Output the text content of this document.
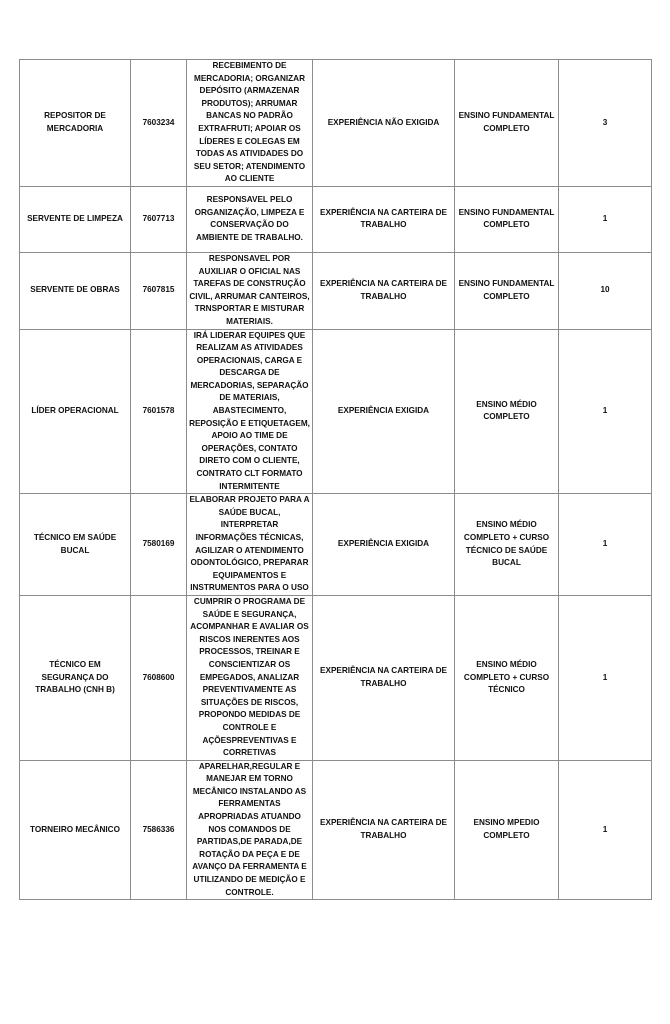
REPOSITOR DE MERCADORIA	7603234	RECEBIMENTO DE MERCADORIA; ORGANIZAR DEPÓSITO (ARMAZENAR PRODUTOS); ARRUMAR BANCAS NO PADRÃO EXTRAFRUTI; APOIAR OS LÍDERES E COLEGAS EM TODAS AS ATIVIDADES DO SEU SETOR; ATENDIMENTO AO CLIENTE	EXPERIÊNCIA NÃO EXIGIDA	ENSINO FUNDAMENTAL COMPLETO	3
SERVENTE DE LIMPEZA	7607713	RESPONSAVEL PELO ORGANIZAÇÃO, LIMPEZA E CONSERVAÇÃO DO AMBIENTE DE TRABALHO.	EXPERIÊNCIA NA CARTEIRA DE TRABALHO	ENSINO FUNDAMENTAL COMPLETO	1
SERVENTE DE OBRAS	7607815	RESPONSAVEL POR AUXILIAR O OFICIAL NAS TAREFAS DE CONSTRUÇÃO CIVIL, ARRUMAR CANTEIROS, TRNSPORTAR E MISTURAR MATERIAIS.	EXPERIÊNCIA NA CARTEIRA DE TRABALHO	ENSINO FUNDAMENTAL COMPLETO	10
LÍDER OPERACIONAL	7601578	IRÁ LIDERAR EQUIPES QUE REALIZAM AS ATIVIDADES OPERACIONAIS, CARGA E DESCARGA DE MERCADORIAS, SEPARAÇÃO DE MATERIAIS, ABASTECIMENTO, REPOSIÇÃO E ETIQUETAGEM, APOIO AO TIME DE OPERAÇÕES, CONTATO DIRETO COM O CLIENTE, CONTRATO CLT FORMATO INTERMITENTE	EXPERIÊNCIA EXIGIDA	ENSINO MÉDIO COMPLETO	1
TÉCNICO EM SAÚDE BUCAL	7580169	ELABORAR PROJETO PARA A SAÚDE BUCAL, INTERPRETAR INFORMAÇÕES TÉCNICAS, AGILIZAR O ATENDIMENTO ODONTOLÓGICO, PREPARAR EQUIPAMENTOS E INSTRUMENTOS PARA O USO	EXPERIÊNCIA EXIGIDA	ENSINO MÉDIO COMPLETO + CURSO TÉCNICO DE SAÚDE BUCAL	1
TÉCNICO EM SEGURANÇA DO TRABALHO (CNH B)	7608600	CUMPRIR O PROGRAMA DE SAÚDE E SEGURANÇA, ACOMPANHAR E AVALIAR OS RISCOS INERENTES AOS PROCESSOS, TREINAR E CONSCIENTIZAR OS EMPEGADOS, ANALIZAR PREVENTIVAMENTE AS SITUAÇÕES DE RISCOS, PROPONDO MEDIDAS DE CONTROLE E AÇÕESPREVENTIVAS E CORRETIVAS	EXPERIÊNCIA NA CARTEIRA DE TRABALHO	ENSINO MÉDIO COMPLETO + CURSO TÉCNICO	1
TORNEIRO MECÂNICO	7586336	APARELHAR,REGULAR E MANEJAR EM TORNO MECÂNICO INSTALANDO AS FERRAMENTAS APROPRIADAS ATUANDO NOS COMANDOS DE PARTIDAS,DE PARADA,DE ROTAÇÃO DA PEÇA E DE AVANÇO DA FERRAMENTA E UTILIZANDO DE MEDIÇÃO E CONTROLE.	EXPERIÊNCIA NA CARTEIRA DE TRABALHO	ENSINO MPEDIO COMPLETO	1
